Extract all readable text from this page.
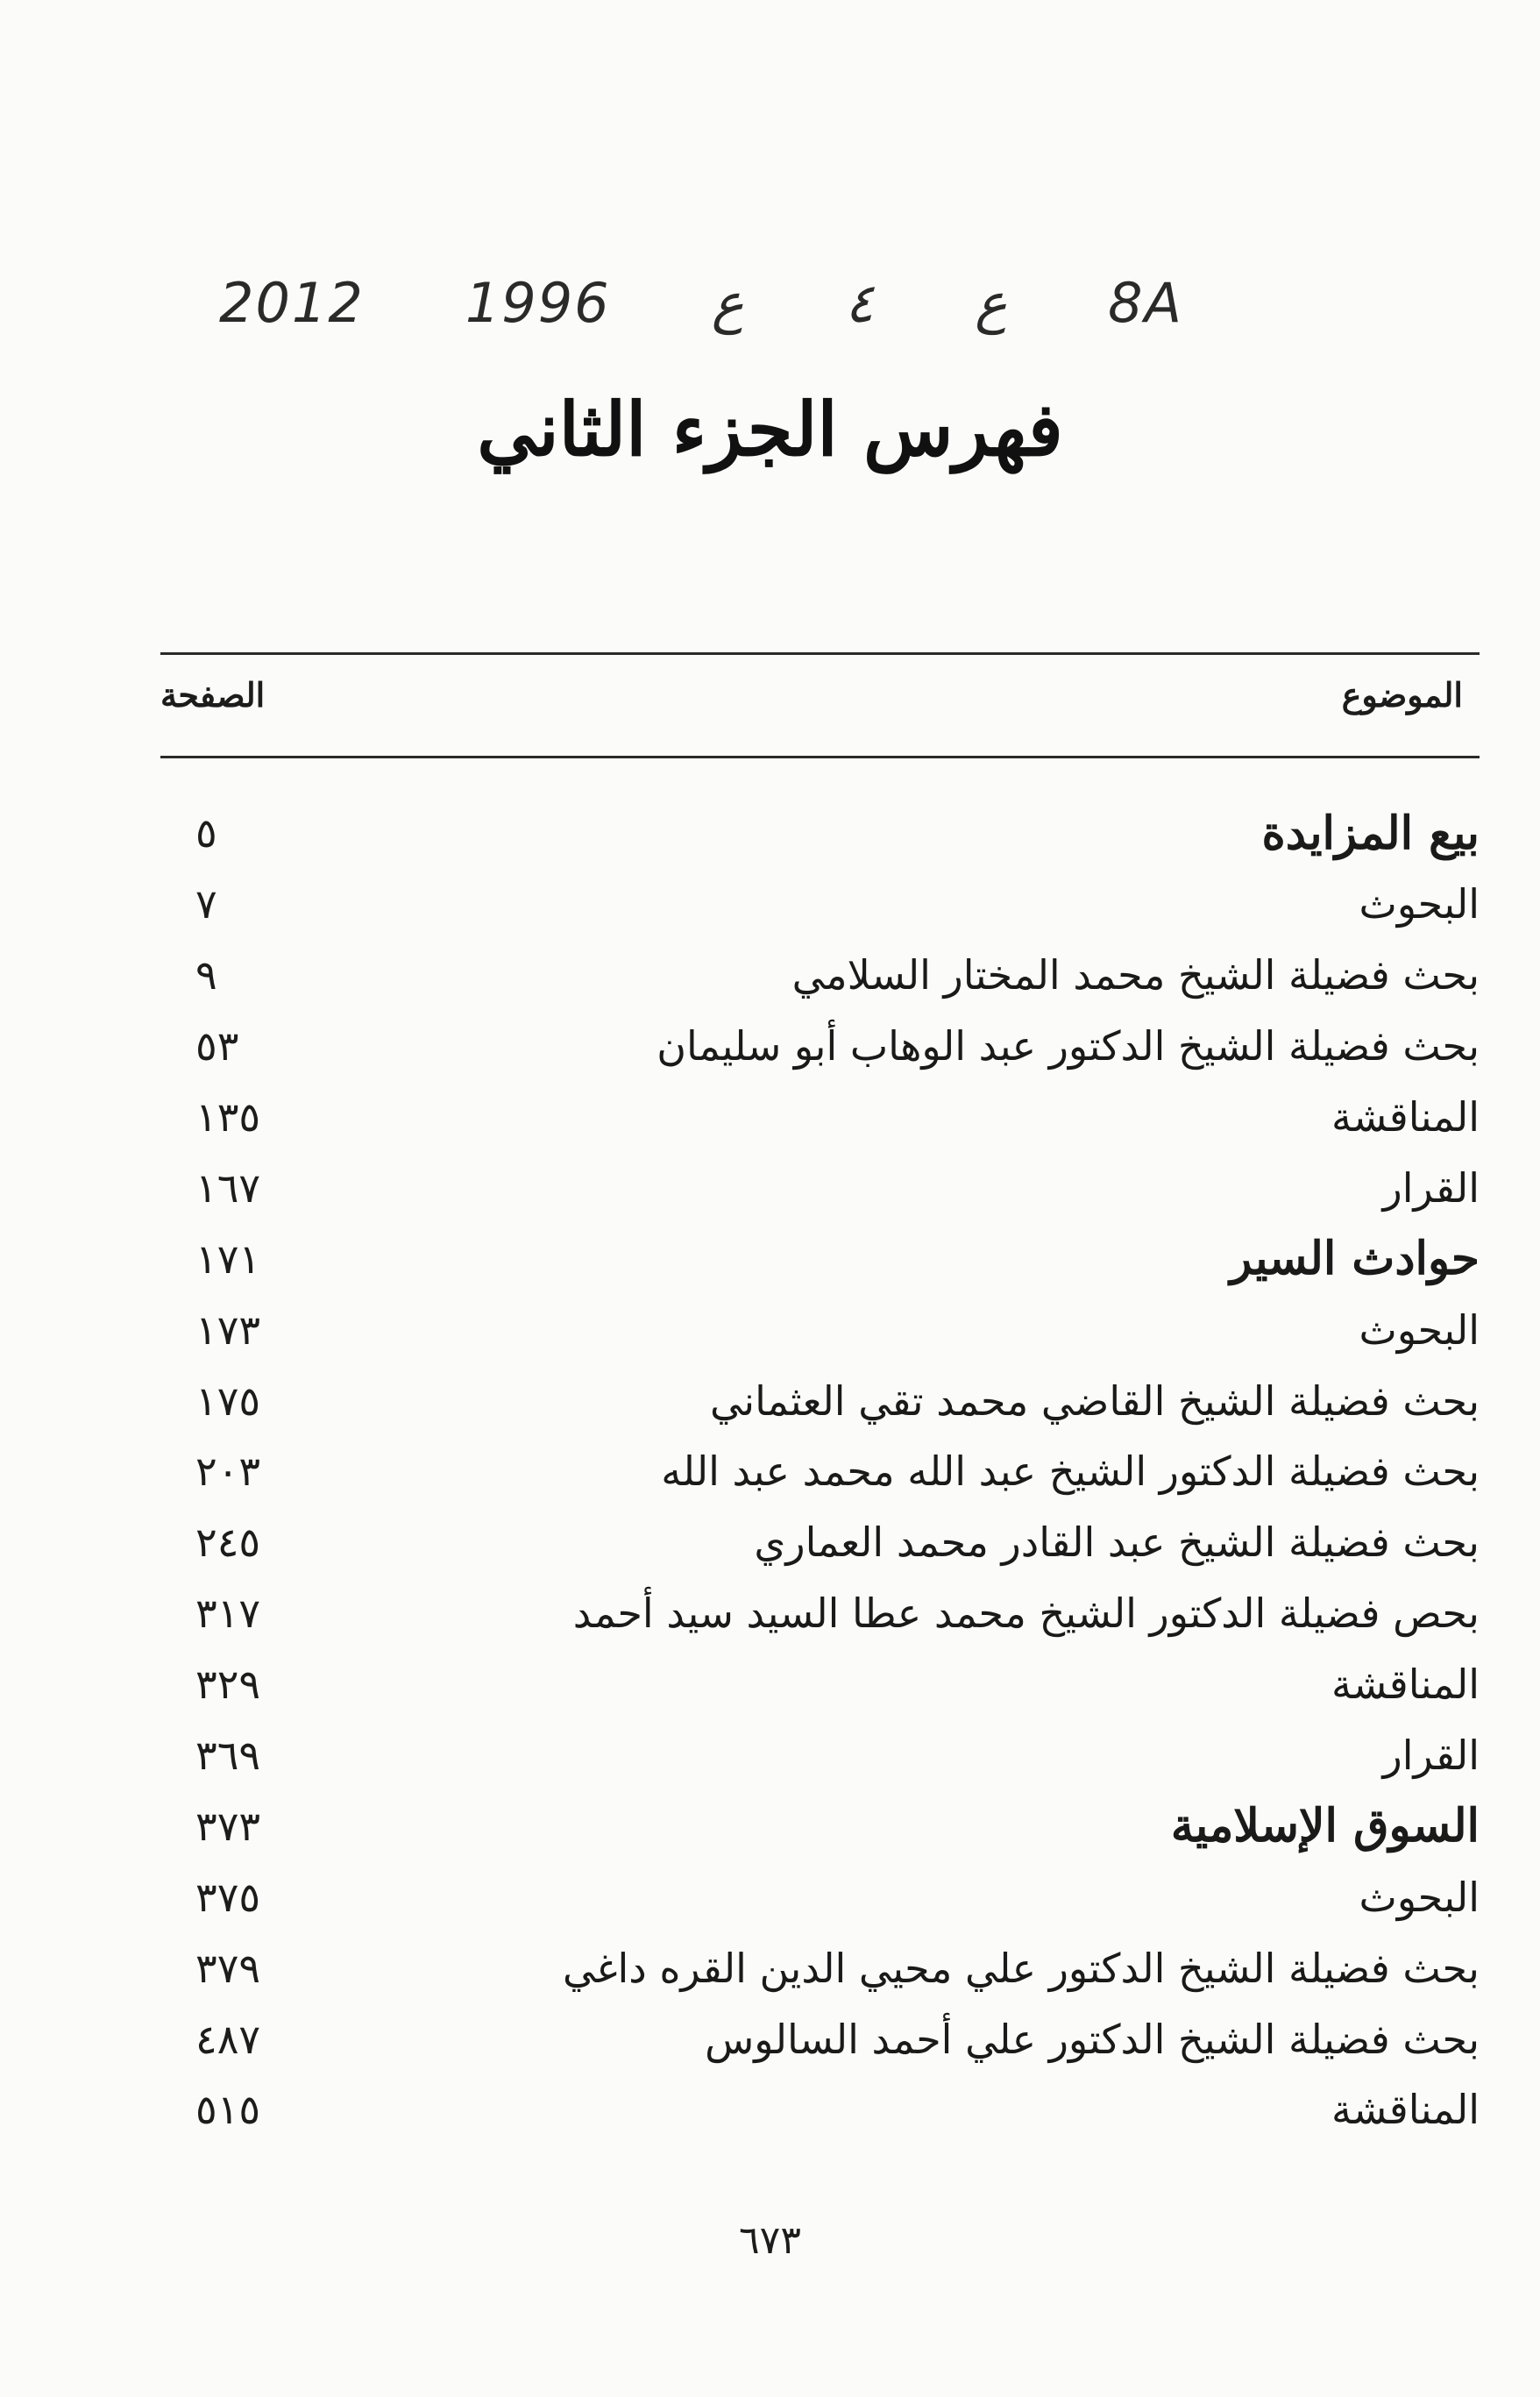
2012 1996 ع ٤ ع 8A
فهرس الجزء الثاني
الموضوع
الصفحة
بيع المزايدة
٥
البحوث
٧
بحث فضيلة الشيخ محمد المختار السلامي
٩
بحث فضيلة الشيخ الدكتور عبد الوهاب أبو سليمان
٥٣
المناقشة
١٣٥
القرار
١٦٧
حوادث السير
١٧١
البحوث
١٧٣
بحث فضيلة الشيخ القاضي محمد تقي العثماني
١٧٥
بحث فضيلة الدكتور الشيخ عبد الله محمد عبد الله
٢٠٣
بحث فضيلة الشيخ عبد القادر محمد العماري
٢٤٥
بحص فضيلة الدكتور الشيخ محمد عطا السيد سيد أحمد
٣١٧
المناقشة
٣٢٩
القرار
٣٦٩
السوق الإسلامية
٣٧٣
البحوث
٣٧٥
بحث فضيلة الشيخ الدكتور علي محيي الدين القره داغي
٣٧٩
بحث فضيلة الشيخ الدكتور علي أحمد السالوس
٤٨٧
المناقشة
٥١٥
٦٧٣
